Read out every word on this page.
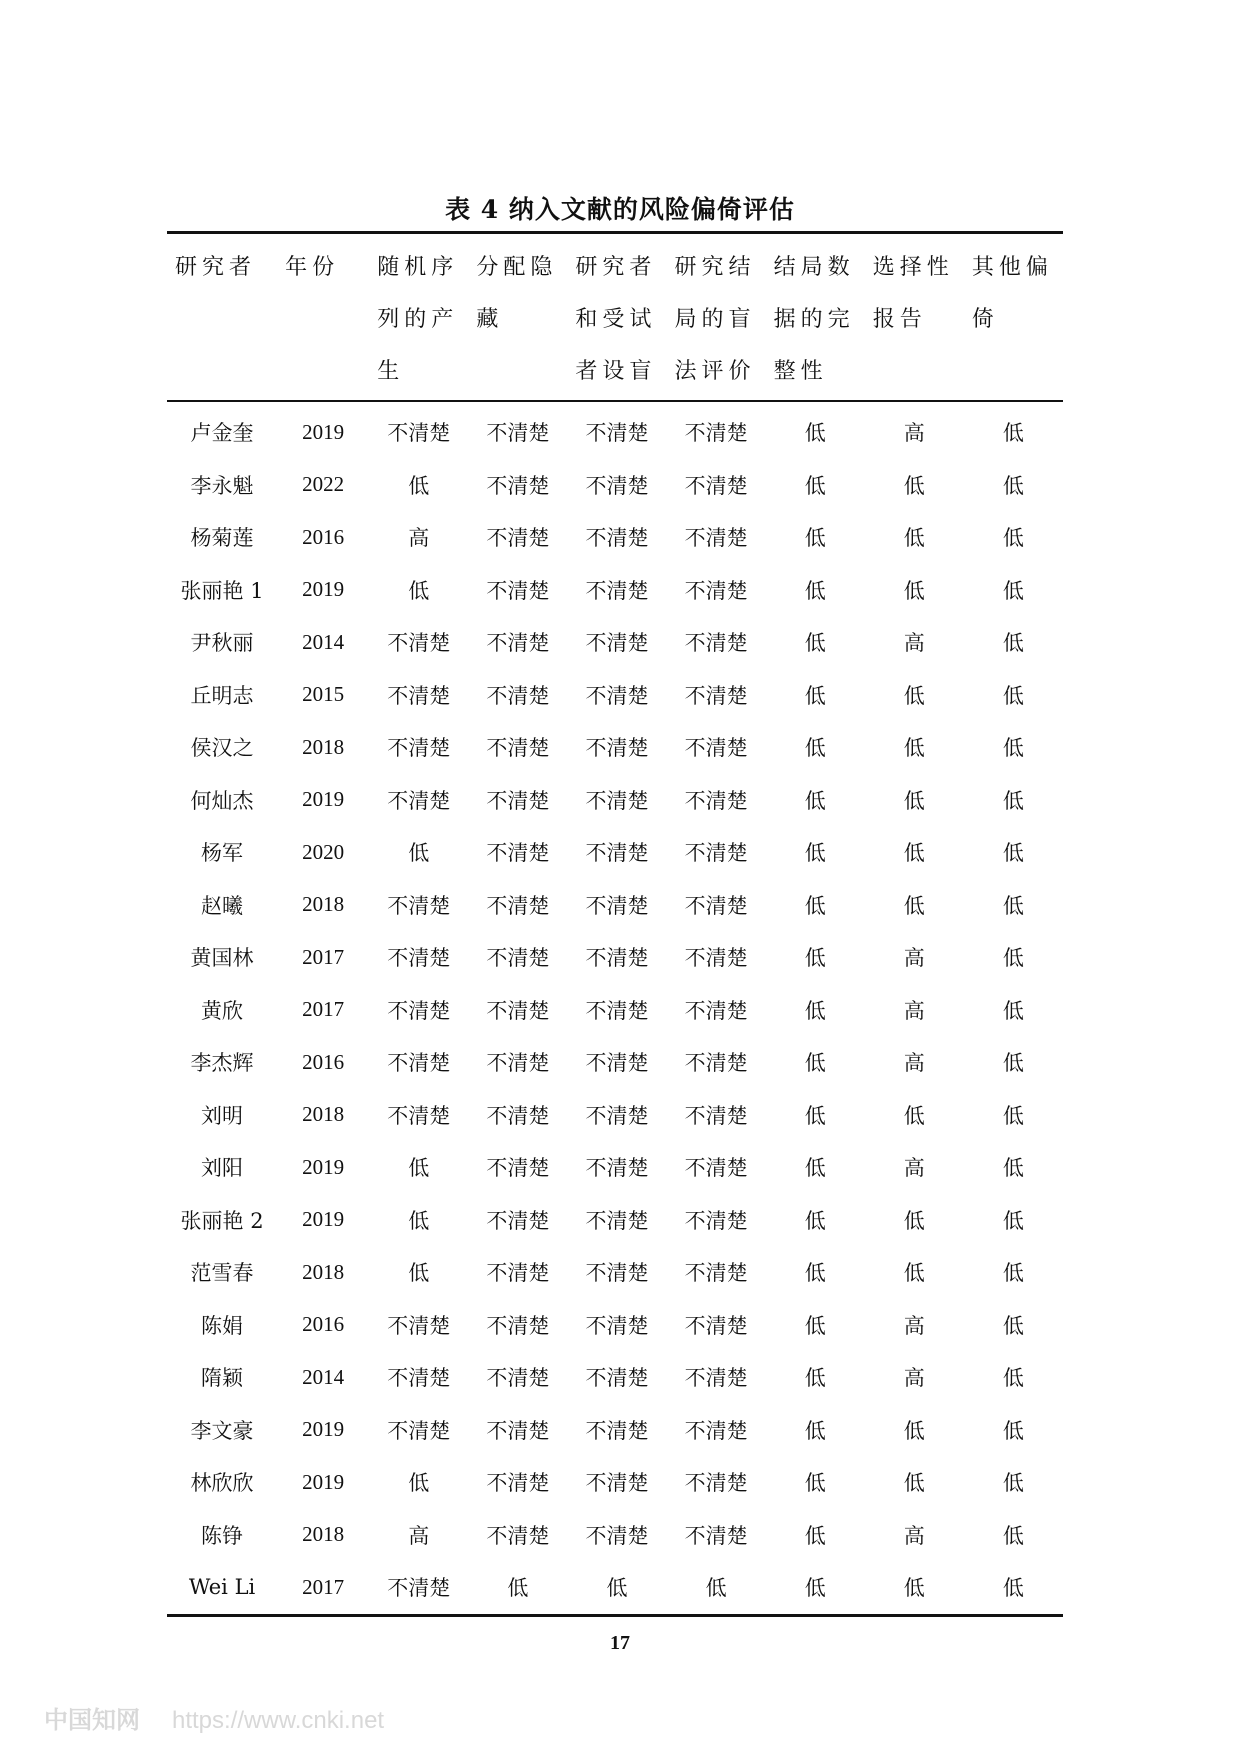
表 4 纳入文献的风险偏倚评估
研究者	年份	随机序列的产生	分配隐藏	研究者和受试者设盲	研究结局的盲法评价	结局数据的完整性	选择性报告	其他偏倚
卢金奎	2019	不清楚	不清楚	不清楚	不清楚	低	高	低
李永魁	2022	低	不清楚	不清楚	不清楚	低	低	低
杨菊莲	2016	高	不清楚	不清楚	不清楚	低	低	低
张丽艳 1	2019	低	不清楚	不清楚	不清楚	低	低	低
尹秋丽	2014	不清楚	不清楚	不清楚	不清楚	低	高	低
丘明志	2015	不清楚	不清楚	不清楚	不清楚	低	低	低
侯汉之	2018	不清楚	不清楚	不清楚	不清楚	低	低	低
何灿杰	2019	不清楚	不清楚	不清楚	不清楚	低	低	低
杨军	2020	低	不清楚	不清楚	不清楚	低	低	低
赵曦	2018	不清楚	不清楚	不清楚	不清楚	低	低	低
黄国林	2017	不清楚	不清楚	不清楚	不清楚	低	高	低
黄欣	2017	不清楚	不清楚	不清楚	不清楚	低	高	低
李杰辉	2016	不清楚	不清楚	不清楚	不清楚	低	高	低
刘明	2018	不清楚	不清楚	不清楚	不清楚	低	低	低
刘阳	2019	低	不清楚	不清楚	不清楚	低	高	低
张丽艳 2	2019	低	不清楚	不清楚	不清楚	低	低	低
范雪春	2018	低	不清楚	不清楚	不清楚	低	低	低
陈娟	2016	不清楚	不清楚	不清楚	不清楚	低	高	低
隋颖	2014	不清楚	不清楚	不清楚	不清楚	低	高	低
李文豪	2019	不清楚	不清楚	不清楚	不清楚	低	低	低
林欣欣	2019	低	不清楚	不清楚	不清楚	低	低	低
陈铮	2018	高	不清楚	不清楚	不清楚	低	高	低
Wei Li	2017	不清楚	低	低	低	低	低	低
17
中国知网 https://www.cnki.net
